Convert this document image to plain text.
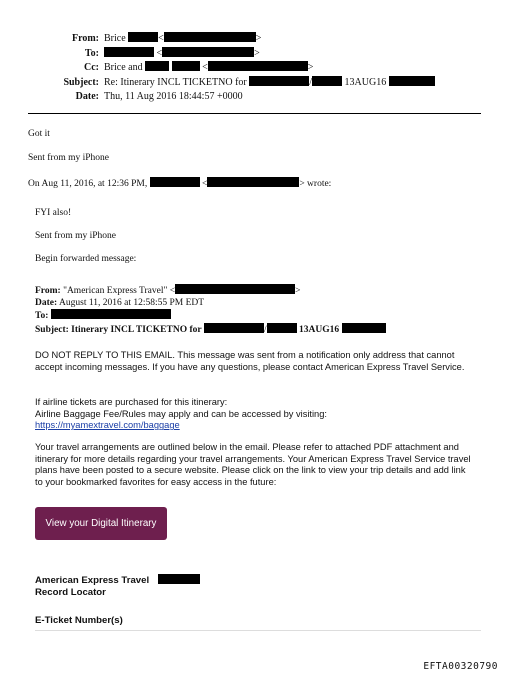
From: Brice	<	>
To:	<	>
Cc: Brice and	<	>
Subject: Re: Itinerary INCL TICKETNO for	/	13AUG16
Date: Thu, 11 Aug 2016 18:44:57 +0000
Got it
Sent from my iPhone
On Aug 11, 2016, at 12:36 PM,	<	> wrote:
FYI also!
Sent from my iPhone
Begin forwarded message:
From: "American Express Travel" <	>
Date: August 11, 2016 at 12:58:55 PM EDT
To:
Subject: Itinerary INCL TICKETNO for	/	13AUG16
DO NOT REPLY TO THIS EMAIL. This message was sent from a notification only address that cannot accept incoming messages. If you have any questions, please contact American Express Travel Service.
If airline tickets are purchased for this itinerary:
Airline Baggage Fee/Rules may apply and can be accessed by visiting:
https://myamextravel.com/baggage
Your travel arrangements are outlined below in the email. Please refer to attached PDF attachment and itinerary for more details regarding your travel arrangements. Your American Express Travel Service travel plans have been posted to a secure website. Please click on the link to view your trip details and add link to your bookmarked favorites for easy access in the future:
View your Digital Itinerary
American Express Travel
Record Locator
E-Ticket Number(s)
EFTA00320790
